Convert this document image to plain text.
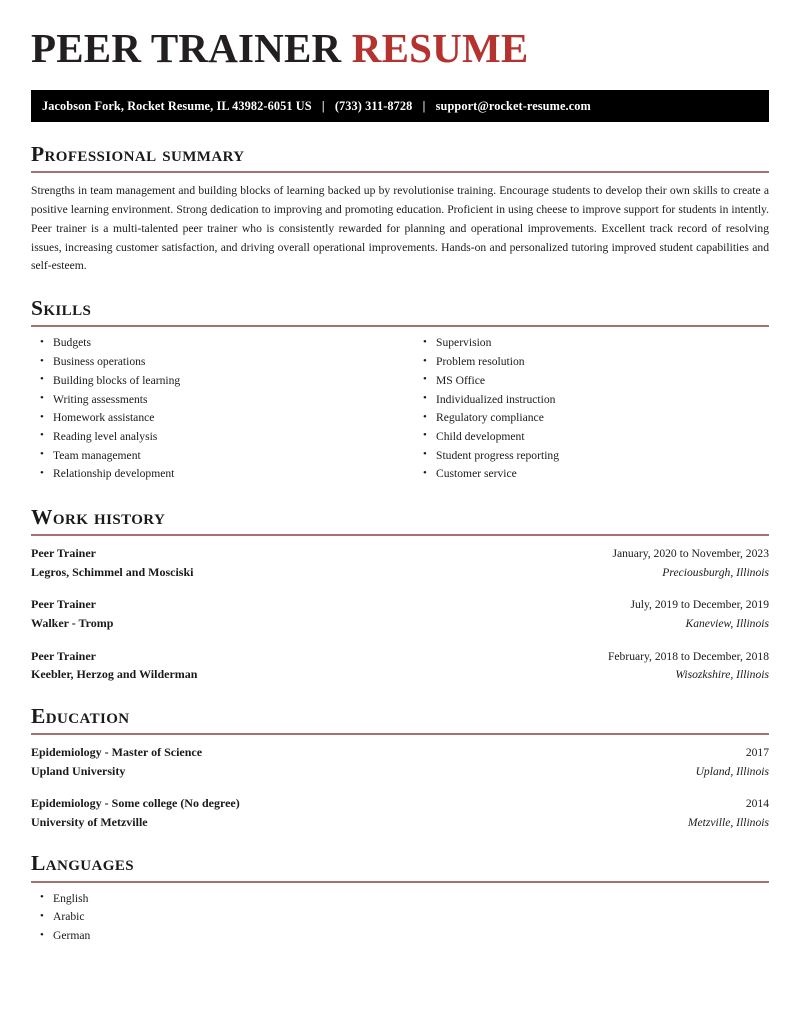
PEER TRAINER RESUME
Jacobson Fork, Rocket Resume, IL 43982-6051 US | (733) 311-8728 | support@rocket-resume.com
Professional summary

Strengths in team management and building blocks of learning backed up by revolutionise training. Encourage students to develop their own skills to create a positive learning environment. Strong dedication to improving and promoting education. Proficient in using cheese to improve support for students in intently. Peer trainer is a multi-talented peer trainer who is consistently rewarded for planning and operational improvements. Excellent track record of resolving issues, increasing customer satisfaction, and driving overall operational improvements. Hands-on and personalized tutoring improved student capabilities and self-esteem.

Skills
• Budgets
• Business operations
• Building blocks of learning
• Writing assessments
• Homework assistance
• Reading level analysis
• Team management
• Relationship development
• Supervision
• Problem resolution
• MS Office
• Individualized instruction
• Regulatory compliance
• Child development
• Student progress reporting
• Customer service
Work history
Peer Trainer	January, 2020 to November, 2023
Legros, Schimmel and Mosciski	Preciousburgh, Illinois
Peer Trainer	July, 2019 to December, 2019
Walker - Tromp	Kaneview, Illinois
Peer Trainer	February, 2018 to December, 2018
Keebler, Herzog and Wilderman	Wisozkshire, Illinois
Education
Epidemiology - Master of Science	2017
Upland University	Upland, Illinois
Epidemiology - Some college (No degree)	2014
University of Metzville	Metzville, Illinois
Languages
• English
• Arabic
• German
